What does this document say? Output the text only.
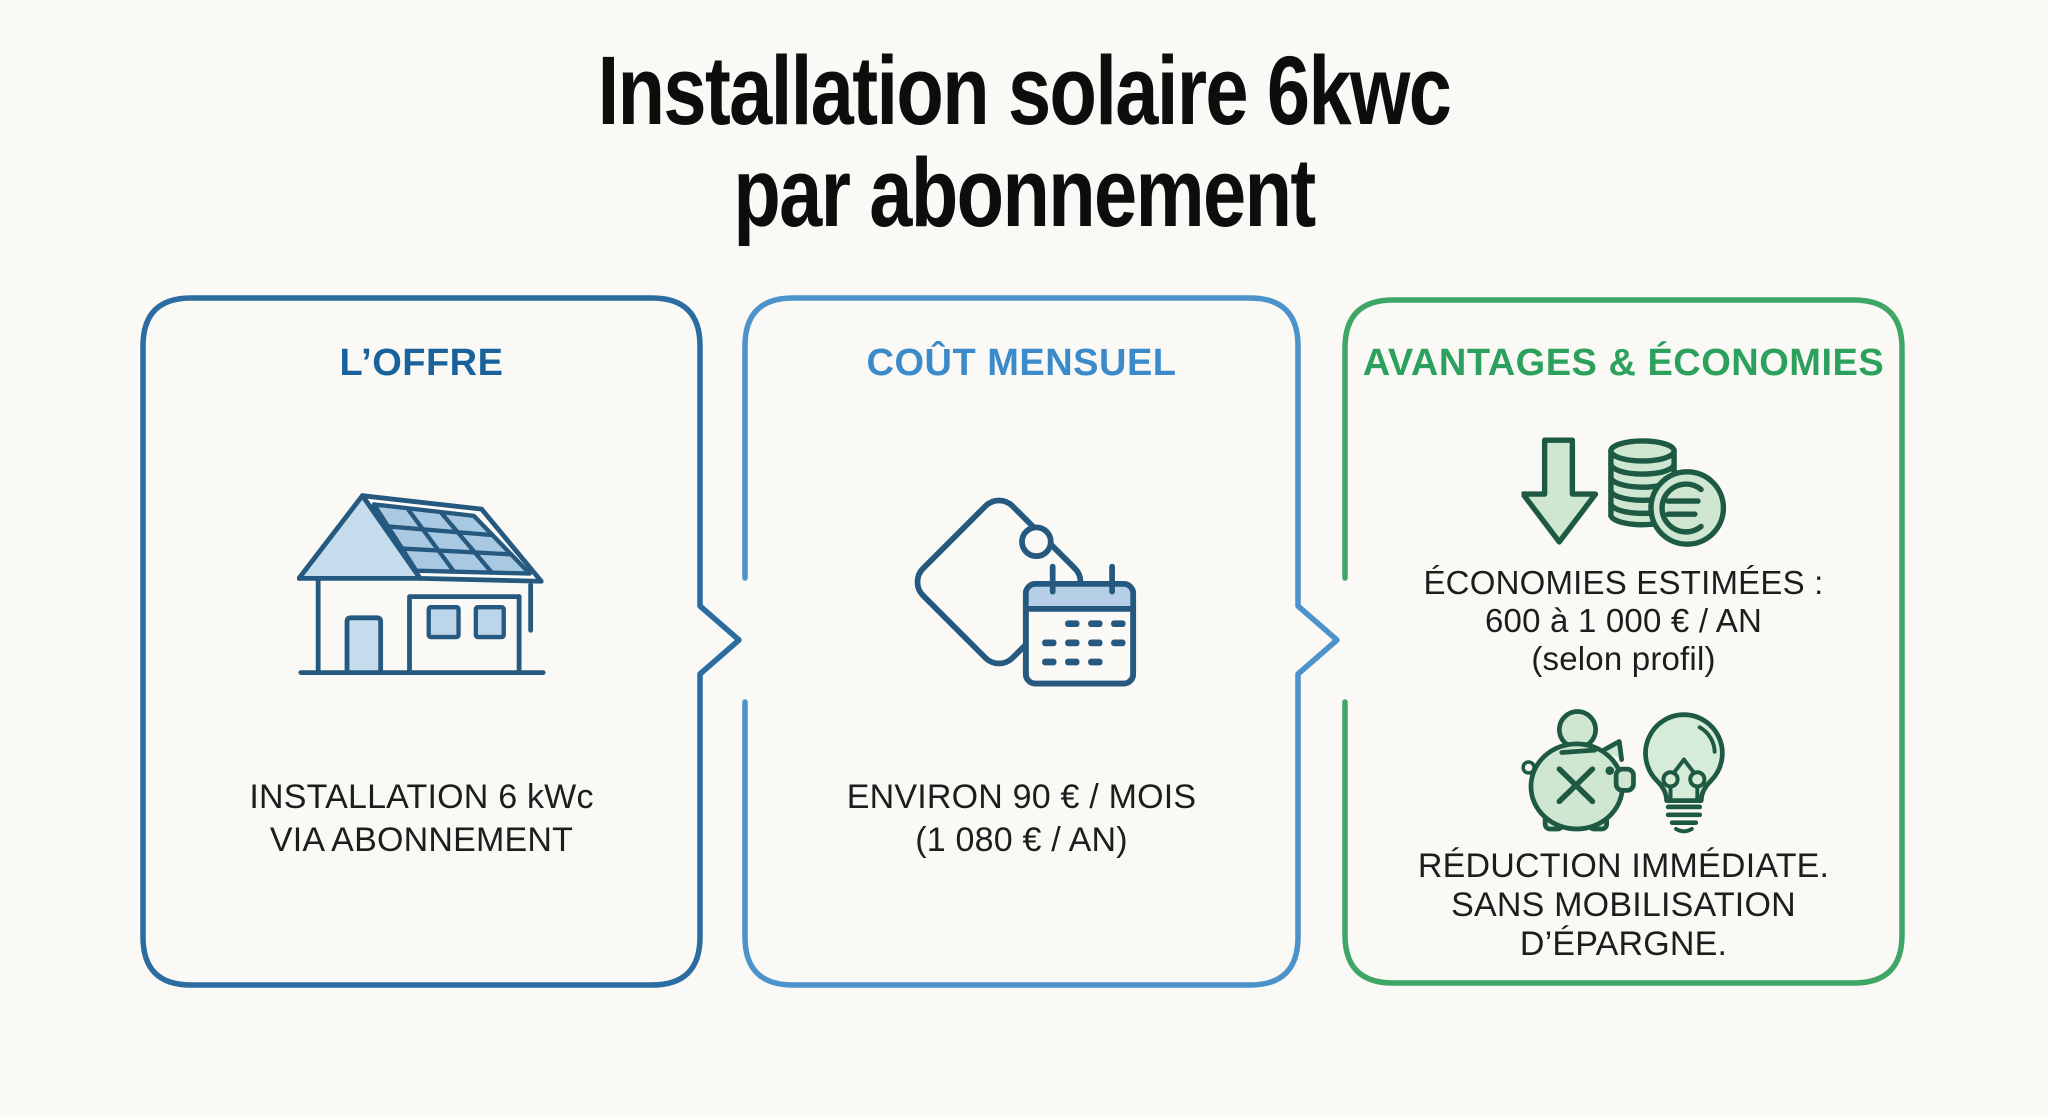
Installation solaire 6kwc
par abonnement
L’OFFRE
INSTALLATION 6 kWc
VIA ABONNEMENT
COÛT MENSUEL
ENVIRON 90 € / MOIS
(1 080 € / AN)
AVANTAGES & ÉCONOMIES
ÉCONOMIES ESTIMÉES :
600 à 1 000 € / AN
(selon profil)
RÉDUCTION IMMÉDIATE.
SANS MOBILISATION D’ÉPARGNE.
